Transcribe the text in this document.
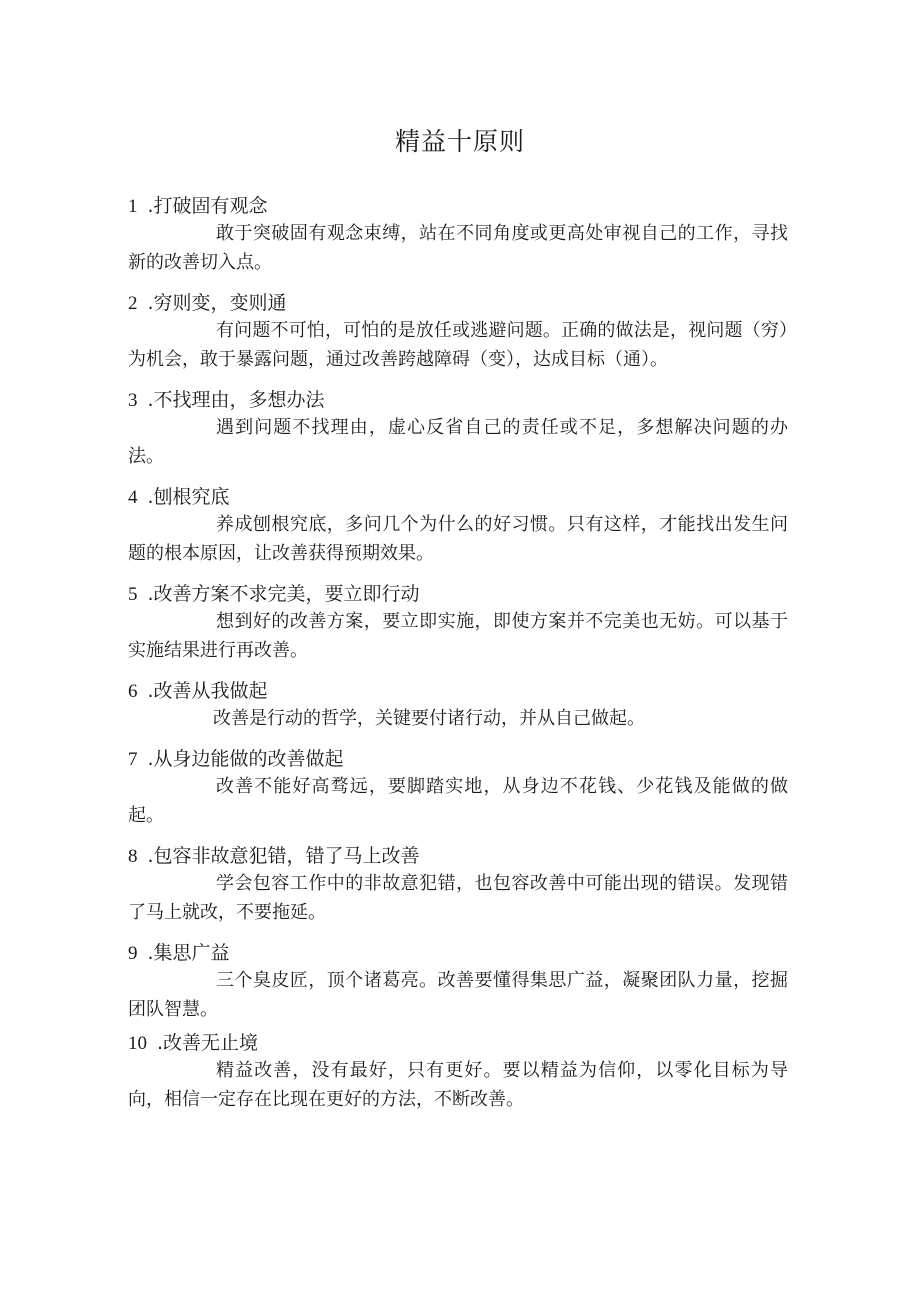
精益十原则
1 .打破固有观念
敢于突破固有观念束缚，站在不同角度或更高处审视自己的工作，寻找新的改善切入点。
2 .穷则变，变则通
有问题不可怕，可怕的是放任或逃避问题。正确的做法是，视问题（穷）为机会，敢于暴露问题，通过改善跨越障碍（变），达成目标（通）。
3 .不找理由，多想办法
遇到问题不找理由，虚心反省自己的责任或不足，多想解决问题的办法。
4 .刨根究底
养成刨根究底，多问几个为什么的好习惯。只有这样，才能找出发生问题的根本原因，让改善获得预期效果。
5 .改善方案不求完美，要立即行动
想到好的改善方案，要立即实施，即使方案并不完美也无妨。可以基于实施结果进行再改善。
6 .改善从我做起
改善是行动的哲学，关键要付诸行动，并从自己做起。
7 .从身边能做的改善做起
改善不能好高骛远，要脚踏实地，从身边不花钱、少花钱及能做的做起。
8 .包容非故意犯错，错了马上改善
学会包容工作中的非故意犯错，也包容改善中可能出现的错误。发现错了马上就改，不要拖延。
9 .集思广益
三个臭皮匠，顶个诸葛亮。改善要懂得集思广益，凝聚团队力量，挖掘团队智慧。
10 .改善无止境
精益改善，没有最好，只有更好。要以精益为信仰，以零化目标为导向，相信一定存在比现在更好的方法，不断改善。
